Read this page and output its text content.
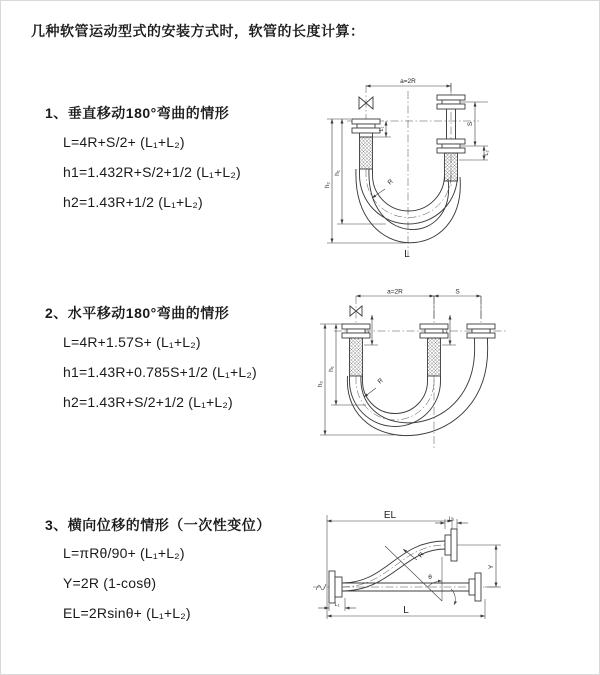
几种软管运动型式的安装方式时，软管的长度计算：
1、垂直移动180°弯曲的情形
L=4R+S/2+ (L₁+L₂)
h1=1.432R+S/2+1/2 (L₁+L₂)
h2=1.43R+1/2 (L₁+L₂)
2、水平移动180°弯曲的情形
L=4R+1.57S+ (L₁+L₂)
h1=1.43R+0.785S+1/2 (L₁+L₂)
h2=1.43R+S/2+1/2 (L₁+L₂)
3、横向位移的情形（一次性变位）
L=πRθ/90+ (L₁+L₂)
Y=2R (1-cosθ)
EL=2Rsinθ+ (L₁+L₂)
a=2R
h₁
h₂
L₁
S
L₂
R
L
a=2R	S
h₁
h₂
L₁	L₂
R
EL	L₂
θ
R
Y
L₁	L
